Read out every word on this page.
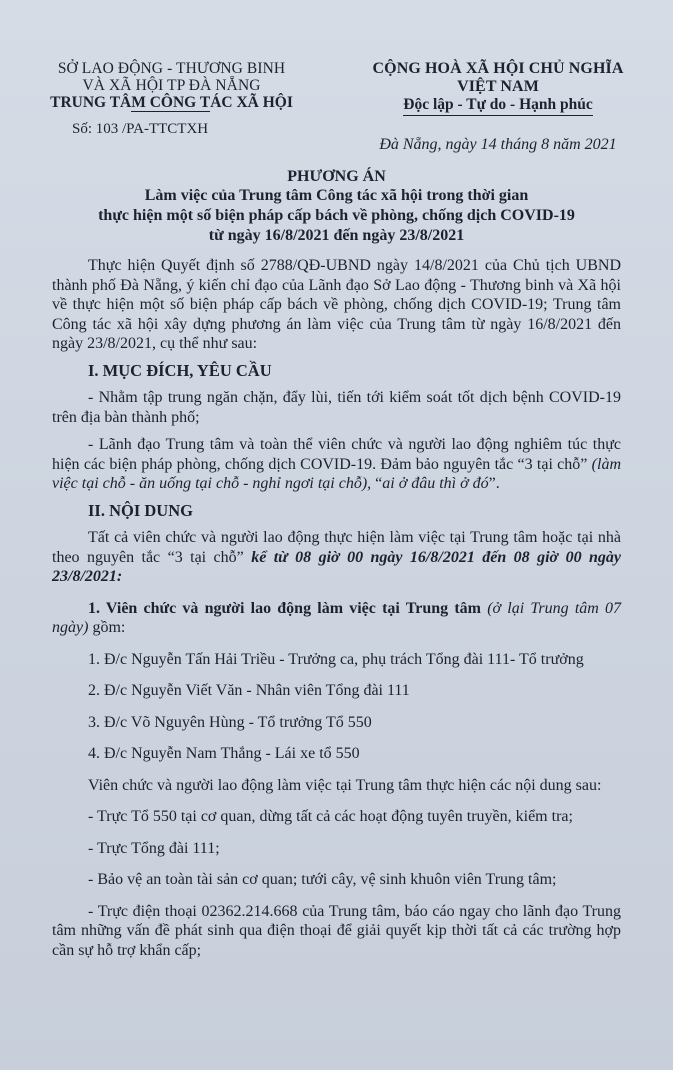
SỞ LAO ĐỘNG - THƯƠNG BINH
VÀ XÃ HỘI TP ĐÀ NẴNG
TRUNG TÂM CÔNG TÁC XÃ HỘI
Số: 103 /PA-TTCTXH
CỘNG HOÀ XÃ HỘI CHỦ NGHĨA VIỆT NAM
Độc lập - Tự do - Hạnh phúc
Đà Nẵng, ngày 14 tháng 8 năm 2021
PHƯƠNG ÁN
Làm việc của Trung tâm Công tác xã hội trong thời gian
thực hiện một số biện pháp cấp bách về phòng, chống dịch COVID-19
từ ngày 16/8/2021 đến ngày 23/8/2021

Thực hiện Quyết định số 2788/QĐ-UBND ngày 14/8/2021 của Chủ tịch UBND thành phố Đà Nẵng, ý kiến chỉ đạo của Lãnh đạo Sở Lao động - Thương binh và Xã hội về thực hiện một số biện pháp cấp bách về phòng, chống dịch COVID-19; Trung tâm Công tác xã hội xây dựng phương án làm việc của Trung tâm từ ngày 16/8/2021 đến ngày 23/8/2021, cụ thể như sau:

I. MỤC ĐÍCH, YÊU CẦU

- Nhằm tập trung ngăn chặn, đẩy lùi, tiến tới kiểm soát tốt dịch bệnh COVID-19 trên địa bàn thành phố;

- Lãnh đạo Trung tâm và toàn thể viên chức và người lao động nghiêm túc thực hiện các biện pháp phòng, chống dịch COVID-19. Đảm bảo nguyên tắc “3 tại chỗ” (làm việc tại chỗ - ăn uống tại chỗ - nghỉ ngơi tại chỗ), “ai ở đâu thì ở đó”.

II. NỘI DUNG

Tất cả viên chức và người lao động thực hiện làm việc tại Trung tâm hoặc tại nhà theo nguyên tắc “3 tại chỗ” kể từ 08 giờ 00 ngày 16/8/2021 đến 08 giờ 00 ngày 23/8/2021:

1. Viên chức và người lao động làm việc tại Trung tâm (ở lại Trung tâm 07 ngày) gồm:

1. Đ/c Nguyễn Tấn Hải Triều - Trưởng ca, phụ trách Tổng đài 111- Tổ trưởng

2. Đ/c Nguyễn Viết Văn - Nhân viên Tổng đài 111

3. Đ/c Võ Nguyên Hùng - Tổ trưởng Tổ 550

4. Đ/c Nguyễn Nam Thắng - Lái xe tổ 550

Viên chức và người lao động làm việc tại Trung tâm thực hiện các nội dung sau:

- Trực Tổ 550 tại cơ quan, dừng tất cả các hoạt động tuyên truyền, kiểm tra;

- Trực Tổng đài 111;

- Bảo vệ an toàn tài sản cơ quan; tưới cây, vệ sinh khuôn viên Trung tâm;

- Trực điện thoại 02362.214.668 của Trung tâm, báo cáo ngay cho lãnh đạo Trung tâm những vấn đề phát sinh qua điện thoại để giải quyết kịp thời tất cả các trường hợp cần sự hỗ trợ khẩn cấp;
